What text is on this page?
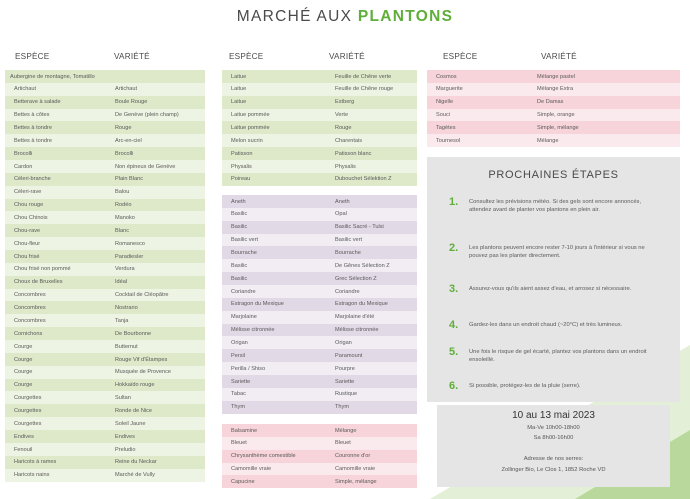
MARCHÉ AUX PLANTONS
ESPÈCE	VARIÉTÉ	ESPÈCE	VARIÉTÉ	ESPÈCE	VARIÉTÉ
Aubergine de montagne, Tomatillo
Artichaut	Artichaut
Betterave à salade	Boule Rouge
Bettes à côtes	De Genève (plein champ)
Bettes à tondre	Rouge
Bettes à tondre	Arc-en-ciel
Brocolli	Brocolli
Cardon	Non épineux de Genève
Céleri-branche	Plain Blanc
Céleri-rave	Balou
Chou rouge	Rodéo
Chou Chinois	Manoko
Chou-rave	Blanc
Chou-fleur	Romanesco
Chou frisé	Paradiesler
Chou frisé non pommé	Verdura
Choux de Bruxelles	Idéal
Concombres	Cocktail de Cléopâtre
Concombres	Nostrano
Concombres	Tanja
Cornichons	De Bourbonne
Courge	Butternut
Courge	Rouge Vif d'Étampes
Courge	Musquée de Provence
Courge	Hokkaïdo rouge
Courgettes	Sultan
Courgettes	Ronde de Nice
Courgettes	Soleil Jaune
Endives	Endives
Fenouil	Preludio
Haricots à rames	Reine du Neckar
Haricots nains	Marché de Vully
Laitue	Feuille de Chêne verte
Laitue	Feuille de Chêne rouge
Laitue	Estberg
Laitue pommée	Verte
Laitue pommée	Rouge
Melon sucrin	Charentais
Patisson	Patisson blanc
Physalis	Physalis
Poireau	Dubouchet Sélektion Z
Aneth	Aneth
Basilic	Opal
Basilic	Basilic Sacré - Tulsi
Basilic vert	Basilic vert
Bourrache	Bourrache
Basilic	De Gênes Sélection Z
Basilic	Grec Sélection Z
Coriandre	Coriandre
Estragon du Mexique	Estragon du Mexique
Marjolaine	Marjolaine d'été
Mélisse citronnée	Mélisse citronnée
Origan	Origan
Persil	Paramount
Perilla / Shiso	Pourpre
Sariette	Sariette
Tabac	Rustique
Thym	Thym
Balsamine	Mélange
Bleuet	Bleuet
Chrysanthème comestible	Couronne d'or
Camomille vraie	Camomille vraie
Capucine	Simple, mélange
Cosmos	Mélange pastel
Marguerite	Mélange Extra
Nigelle	De Damas
Souci	Simple, orange
Tagètes	Simple, mélange
Tournesol	Mélange
PROCHAINES ÉTAPES
1. Consultez les prévisions météo. Si des gels sont encore annoncés, attendez avant de planter vos plantons en plein air.
2. Les plantons peuvent encore rester 7-10 jours à l'intérieur si vous ne pouvez pas les planter directement.
3. Assurez-vous qu'ils aient assez d'eau, et arrosez si nécessaire.
4. Gardez-les dans un endroit chaud (~20°C) et très lumineux.
5. Une fois le risque de gel écarté, plantez vos plantons dans un endroit ensoleillé.
6. Si possible, protégez-les de la pluie (serre).
10 au 13 mai 2023
Ma-Ve 10h00-18h00
Sa 8h00-16h00
Adresse de nos serres:
Zollinger Bio, Le Clos 1, 1852 Roche VD
